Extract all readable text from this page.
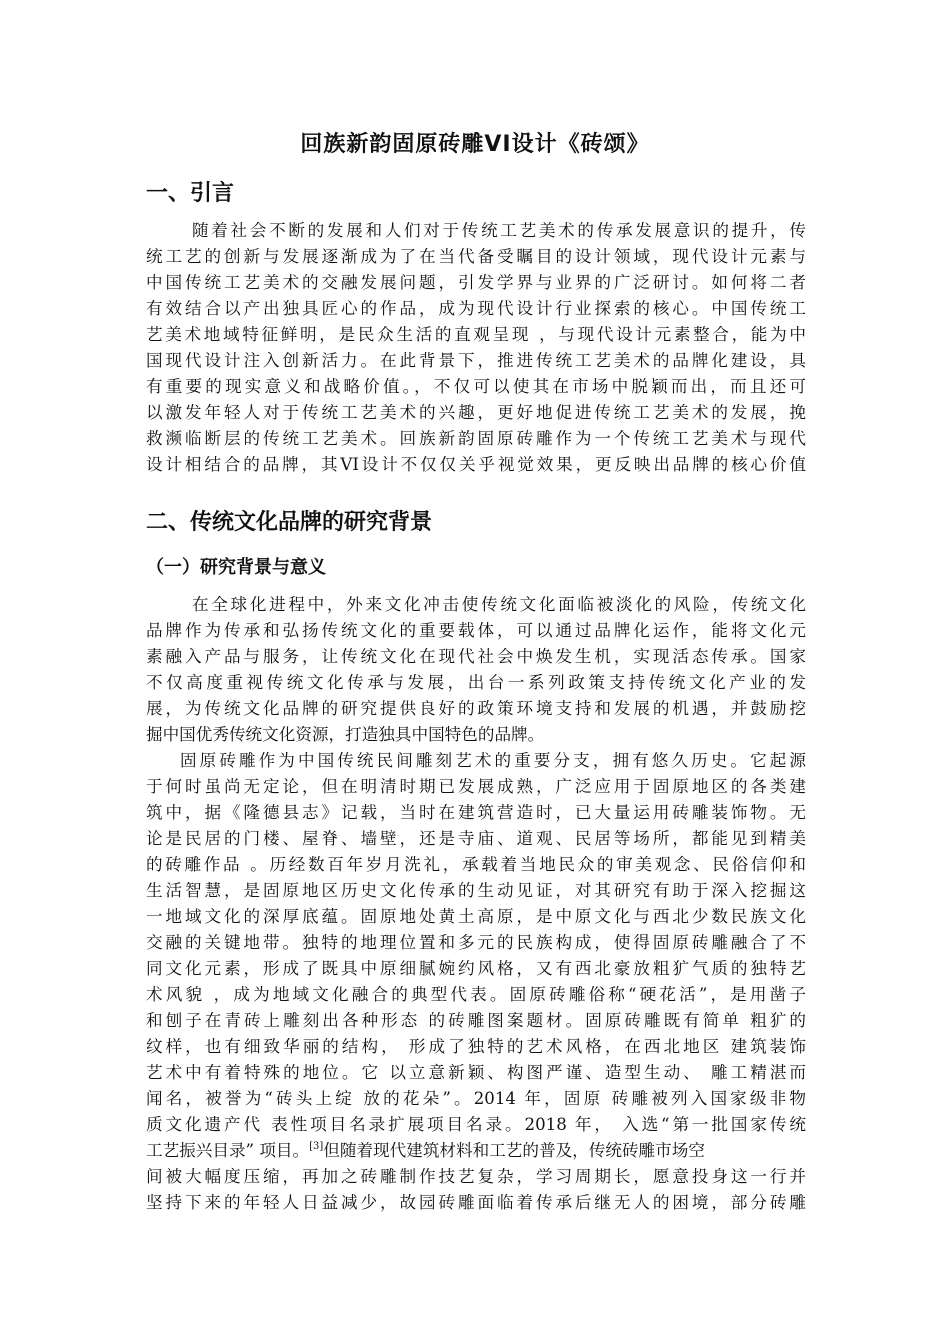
回族新韵固原砖雕VI设计《砖颂》
一、引言
随着社会不断的发展和人们对于传统工艺美术的传承发展意识的提升，传
统工艺的创新与发展逐渐成为了在当代备受瞩目的设计领域，现代设计元素与
中国传统工艺美术的交融发展问题，引发学界与业界的广泛研讨。如何将二者
有效结合以产出独具匠心的作品，成为现代设计行业探索的核心。中国传统工
艺美术地域特征鲜明，是民众生活的直观呈现 ，与现代设计元素整合，能为中
国现代设计注入创新活力。在此背景下，推进传统工艺美术的品牌化建设，具
有重要的现实意义和战略价值。，不仅可以使其在市场中脱颖而出，而且还可
以激发年轻人对于传统工艺美术的兴趣，更好地促进传统工艺美术的发展，挽
救濒临断层的传统工艺美术。回族新韵固原砖雕作为一个传统工艺美术与现代
设计相结合的品牌，其VI设计不仅仅关乎视觉效果，更反映出品牌的核心价值
二、传统文化品牌的研究背景
（一）研究背景与意义
在全球化进程中，外来文化冲击使传统文化面临被淡化的风险，传统文化
品牌作为传承和弘扬传统文化的重要载体，可以通过品牌化运作，能将文化元
素融入产品与服务，让传统文化在现代社会中焕发生机，实现活态传承。国家
不仅高度重视传统文化传承与发展，出台一系列政策支持传统文化产业的发
展，为传统文化品牌的研究提供良好的政策环境支持和发展的机遇，并鼓励挖
掘中国优秀传统文化资源，打造独具中国特色的品牌。
固原砖雕作为中国传统民间雕刻艺术的重要分支，拥有悠久历史。它起源
于何时虽尚无定论，但在明清时期已发展成熟，广泛应用于固原地区的各类建
筑中，据《隆德县志》记载，当时在建筑营造时，已大量运用砖雕装饰物。无
论是民居的门楼、屋脊、墙壁，还是寺庙、道观、民居等场所，都能见到精美
的砖雕作品 。历经数百年岁月洗礼，承载着当地民众的审美观念、民俗信仰和
生活智慧，是固原地区历史文化传承的生动见证，对其研究有助于深入挖掘这
一地域文化的深厚底蕴。固原地处黄土高原，是中原文化与西北少数民族文化
交融的关键地带。独特的地理位置和多元的民族构成，使得固原砖雕融合了不
同文化元素，形成了既具中原细腻婉约风格，又有西北豪放粗犷气质的独特艺
术风貌 ，成为地域文化融合的典型代表。固原砖雕俗称“硬花活”，是用凿子
和刨子在青砖上雕刻出各种形态 的砖雕图案题材。固原砖雕既有简单 粗犷的
纹样，也有细致华丽的结构， 形成了独特的艺术风格，在西北地区 建筑装饰
艺术中有着特殊的地位。它 以立意新颖、构图严谨、造型生动、 雕工精湛而
闻名，被誉为“砖头上绽 放的花朵”。2014 年，固原 砖雕被列入国家级非物
质文化遗产代 表性项目名录扩展项目名录。2018 年， 入选“第一批国家传统
工艺振兴目录” 项目。[3]但随着现代建筑材料和工艺的普及，传统砖雕市场空
间被大幅度压缩，再加之砖雕制作技艺复杂，学习周期长，愿意投身这一行并
坚持下来的年轻人日益减少，故园砖雕面临着传承后继无人的困境，部分砖雕
